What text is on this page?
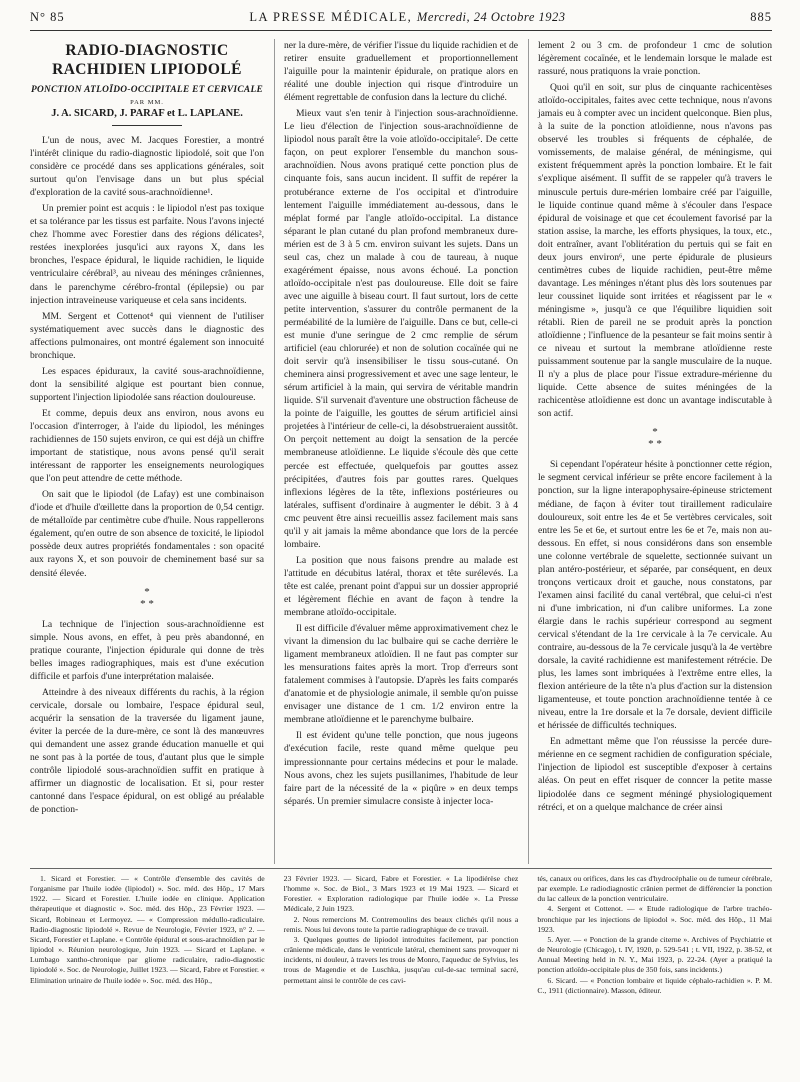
N° 85	LA PRESSE MÉDICALE, Mercredi, 24 Octobre 1923	885
RADIO-DIAGNOSTIC RACHIDIEN LIPIODOLÉ
PONCTION ATLOÏDO-OCCIPITALE ET CERVICALE
PAR MM.
J. A. SICARD, J. PARAF et L. LAPLANE.

L'un de nous, avec M. Jacques Forestier, a montré l'intérêt clinique du radio-diagnostic lipiodolé, soit que l'on considère ce procédé dans ses applications générales, soit surtout qu'on l'envisage dans un but plus spécial d'exploration de la cavité sous-arachnoïdienne¹.

Un premier point est acquis : le lipiodol n'est pas toxique et sa tolérance par les tissus est parfaite. Nous l'avons injecté chez l'homme avec Forestier dans des régions délicates², restées inexplorées jusqu'ici aux rayons X, dans les bronches, l'espace épidural, le liquide rachidien, le liquide ventriculaire cérébral³, au niveau des méninges crâniennes, dans le parenchyme cérébro-frontal (épilepsie) ou par injection intraveineuse variqueuse et cela sans incidents.

MM. Sergent et Cottenot⁴ qui viennent de l'utiliser systématiquement avec succès dans le diagnostic des affections pulmonaires, ont montré également son innocuité bronchique.

Les espaces épiduraux, la cavité sous-arachnoïdienne, dont la sensibilité algique est pourtant bien connue, supportent l'injection lipiodolée sans réaction douloureuse.

Et comme, depuis deux ans environ, nous avons eu l'occasion d'interroger, à l'aide du lipiodol, les méninges rachidiennes de 150 sujets environ, ce qui est déjà un chiffre important de statistique, nous avons pensé qu'il serait intéressant de rapporter les enseignements neurologiques que l'on peut attendre de cette méthode.

On sait que le lipiodol (de Lafay) est une combinaison d'iode et d'huile d'œillette dans la proportion de 0,54 centigr. de métalloïde par centimètre cube d'huile. Nous rappellerons également, qu'en outre de son absence de toxicité, le lipiodol possède deux autres propriétés fondamentales : son opacité aux rayons X, et son pouvoir de cheminement basé sur sa densité élevée.

*
* *

La technique de l'injection sous-arachnoïdienne est simple. Nous avons, en effet, à peu près abandonné, en pratique courante, l'injection épidurale qui donne de très belles images radiographiques, mais est d'une exécution difficile et parfois d'une interprétation malaisée.

Atteindre à des niveaux différents du rachis, à la région cervicale, dorsale ou lombaire, l'espace épidural seul, acquérir la sensation de la traversée du ligament jaune, éviter la percée de la dure-mère, ce sont là des manœuvres qui demandent une assez grande éducation manuelle et qui ne sont pas à la portée de tous, d'autant plus que le simple contrôle lipiodolé sous-arachnoïdien suffit en pratique à affirmer un diagnostic de localisation. Et si, pour rester cantonné dans l'espace épidural, on est obligé au préalable de ponction-

ner la dure-mère, de vérifier l'issue du liquide rachidien et de retirer ensuite graduellement et proportionnellement l'aiguille pour la maintenir épidurale, on pratique alors en réalité une double injection qui risque d'introduire un élément regrettable de confusion dans la lecture du cliché.

Mieux vaut s'en tenir à l'injection sous-arachnoïdienne. Le lieu d'élection de l'injection sous-arachnoïdienne de lipiodol nous paraît être la voie atloïdo-occipitale⁵. De cette façon, on peut explorer l'ensemble du manchon sous-arachnoïdien. Nous avons pratiqué cette ponction plus de cinquante fois, sans aucun incident. Il suffit de repérer la protubérance externe de l'os occipital et d'introduire lentement l'aiguille immédiatement au-dessous, dans le méplat formé par l'angle atloïdo-occipital. La distance séparant le plan cutané du plan profond membraneux dure-mérien est de 3 à 5 cm. environ suivant les sujets. Dans un seul cas, chez un malade à cou de taureau, à nuque exagérément épaisse, nous avons échoué. La ponction atloïdo-occipitale n'est pas douloureuse. Elle doit se faire avec une aiguille à biseau court. Il faut surtout, lors de cette petite intervention, s'assurer du contrôle permanent de la perméabilité de la lumière de l'aiguille. Dans ce but, celle-ci est munie d'une seringue de 2 cmc remplie de sérum artificiel (eau chlorurée) et non de solution cocaïnée qui ne doit servir qu'à insensibiliser le tissu sous-cutané. On cheminera ainsi progressivement et avec une sage lenteur, le sérum artificiel à la main, qui servira de véritable mandrin liquide. S'il survenait d'aventure une obstruction fâcheuse de la pointe de l'aiguille, les gouttes de sérum artificiel ainsi projetées à l'intérieur de celle-ci, la désobstrueraient aussitôt. On perçoit nettement au doigt la sensation de la percée membraneuse atloïdienne. Le liquide s'écoule dès que cette percée est effectuée, quelquefois par gouttes assez précipitées, d'autres fois par gouttes rares. Quelques inflexions légères de la tête, inflexions postérieures ou latérales, suffisent d'ordinaire à augmenter le débit. 3 à 4 cmc peuvent être ainsi recueillis assez facilement mais sans qu'il y ait jamais la même abondance que lors de la percée lombaire.

La position que nous faisons prendre au malade est l'attitude en décubitus latéral, thorax et tête surélevés. La tête est calée, prenant point d'appui sur un dossier approprié et légèrement fléchie en avant de façon à tendre la membrane atloïdo-occipitale.

Il est difficile d'évaluer même approximativement chez le vivant la dimension du lac bulbaire qui se cache derrière le ligament membraneux atloïdien. Il ne faut pas compter sur les mensurations faites après la mort. Trop d'erreurs sont fatalement commises à l'autopsie. D'après les faits comparés d'anatomie et de physiologie animale, il semble qu'on puisse envisager une distance de 1 cm. 1/2 environ entre la membrane atloïdienne et le parenchyme bulbaire.

Il est évident qu'une telle ponction, que nous jugeons d'exécution facile, reste quand même quelque peu impressionnante pour certains médecins et pour le malade. Nous avons, chez les sujets pusillanimes, l'habitude de leur faire part de la nécessité de la « piqûre » en deux temps séparés. Un premier simulacre consiste à injecter loca-

lement 2 ou 3 cm. de profondeur 1 cmc de solution légèrement cocaïnée, et le lendemain lorsque le malade est rassuré, nous pratiquons la vraie ponction.

Quoi qu'il en soit, sur plus de cinquante rachicentèses atloïdo-occipitales, faites avec cette technique, nous n'avons jamais eu à compter avec un incident quelconque. Bien plus, à la suite de la ponction atloïdienne, nous n'avons pas observé les troubles si fréquents de céphalée, de vomissements, de malaise général, de méningisme, qui existent fréquemment après la ponction lombaire. Et le fait s'explique aisément. Il suffit de se rappeler qu'à travers le minuscule pertuis dure-mérien lombaire créé par l'aiguille, le liquide continue quand même à s'écouler dans l'espace épidural de voisinage et que cet écoulement favorisé par la station assise, la marche, les efforts physiques, la toux, etc., doit entraîner, avant l'oblitération du pertuis qui se fait en deux jours environ⁶, une perte épidurale de plusieurs centimètres cubes de liquide rachidien, peut-être même davantage. Les méninges n'étant plus dès lors soutenues par leur coussinet liquide sont irritées et réagissent par le « méningisme », jusqu'à ce que l'équilibre liquidien soit rétabli. Rien de pareil ne se produit après la ponction atloïdienne ; l'influence de la pesanteur se fait moins sentir à ce niveau et surtout la membrane atloïdienne reste puissamment soutenue par la sangle musculaire de la nuque. Il n'y a plus de place pour l'issue extradure-mérienne du liquide. Cette absence de suites méningées de la rachicentèse atloïdienne est donc un avantage indiscutable à son actif.

*
* *

Si cependant l'opérateur hésite à ponctionner cette région, le segment cervical inférieur se prête encore facilement à la ponction, sur la ligne interapophysaire-épineuse strictement médiane, de façon à éviter tout tiraillement radiculaire douloureux, soit entre les 4e et 5e vertèbres cervicales, soit entre les 5e et 6e, et surtout entre les 6e et 7e, mais non au-dessous. En effet, si nous considérons dans son ensemble une colonne vertébrale de squelette, sectionnée suivant un plan antéro-postérieur, et séparée, par conséquent, en deux tronçons verticaux droit et gauche, nous constatons, par l'examen ainsi facilité du canal vertébral, que celui-ci n'est ni d'une imbrication, ni d'un calibre uniformes. La zone élargie dans le rachis supérieur correspond au segment cervical s'étendant de la 1re cervicale à la 7e cervicale. Au contraire, au-dessous de la 7e cervicale jusqu'à la 4e vertèbre dorsale, la cavité rachidienne est manifestement rétrécie. De plus, les lames sont imbriquées à l'extrême entre elles, la flexion antérieure de la tête n'a plus d'action sur la distension ligamenteuse, et toute ponction arachnoïdienne tentée à ce niveau, entre la 1re dorsale et la 7e dorsale, devient difficile et hérissée de difficultés techniques.

En admettant même que l'on réussisse la percée dure-mérienne en ce segment rachidien de configuration spéciale, l'injection de lipiodol est susceptible d'exposer à certains aléas. On peut en effet risquer de conncer la petite masse lipiodolée dans ce segment méningé physiologiquement rétréci, et on a quelque malchance de créer ainsi

1. Sicard et Forestier. — « Contrôle d'ensemble des cavités de l'organisme par l'huile iodée (lipiodol) ». Soc. méd. des Hôp., 17 Mars 1922. — Sicard et Forestier. L'huile iodée en clinique. Application thérapeutique et diagnostic ». Soc. méd. des Hôp., 23 Février 1923. — Sicard, Robineau et Lermoyez. — « Compression médullo-radiculaire. Radio-diagnostic lipiodolé ». Revue de Neurologie, Février 1923, n° 2. — Sicard, Forestier et Laplane. « Contrôle épidural et sous-arachnoïdien par le lipiodol ». Réunion neurologique, Juin 1923. — Sicard et Laplane. « Lumbago xantho-chronique par gliome radiculaire, radio-diagnostic lipiodolé ». Soc. de Neurologie, Juillet 1923. — Sicard, Fabre et Forestier. « Elimination urinaire de l'huile iodée ». Soc. méd. des Hôp.,

23 Février 1923. — Sicard, Fabre et Forestier. « La lipodiérèse chez l'homme ». Soc. de Biol., 3 Mars 1923 et 19 Mai 1923. — Sicard et Forestier. « Exploration radiologique par l'huile iodée ». La Presse Médicale, 2 Juin 1923.

2. Nous remercions M. Contremoulins des beaux clichés qu'il nous a remis. Nous lui devons toute la partie radiographique de ce travail.

3. Quelques gouttes de lipiodol introduites facilement, par ponction crânienne médicale, dans le ventricule latéral, cheminent sans provoquer ni incidents, ni douleur, à travers les trous de Monro, l'aqueduc de Sylvius, les trous de Magendie et de Luschka, jusqu'au cul-de-sac terminal sacré, permettant ainsi le contrôle de ces cavi-

tés, canaux ou orifices, dans les cas d'hydrocéphalie ou de tumeur cérébrale, par exemple. Le radiodiagnostic crânien permet de différencier la ponction du lac calleux de la ponction ventriculaire.

4. Sergent et Cottenot. — « Etude radiologique de l'arbre trachéo-bronchique par les injections de lipiodol ». Soc. méd. des Hôp., 11 Mai 1923.

5. Ayer. — « Ponction de la grande citerne ». Archives of Psychiatrie et de Neurologie (Chicago), t. IV, 1920, p. 529-541 ; t. VII, 1922, p. 38-52, et Annual Meeting held in N. Y., Mai 1923, p. 22-24. (Ayer a pratiqué la ponction atloïdo-occipitale plus de 350 fois, sans incidents.)

6. Sicard. — « Ponction lombaire et liquide céphalo-rachidien ». P. M. C., 1911 (dictionnaire). Masson, éditeur.
